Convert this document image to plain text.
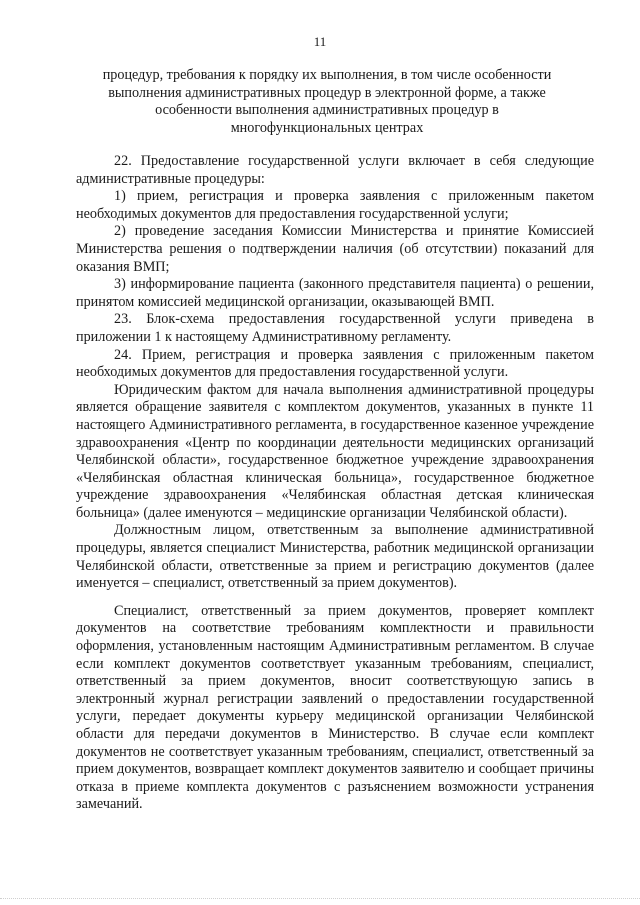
11
процедур, требования к порядку их выполнения, в том числе особенности
выполнения административных процедур в электронной форме, а также
особенности выполнения административных процедур в
многофункциональных центрах

22. Предоставление государственной услуги включает в себя следующие административные процедуры:

1) прием, регистрация и проверка заявления с приложенным пакетом необходимых документов для предоставления государственной услуги;

2) проведение заседания Комиссии Министерства и принятие Комиссией Министерства решения о подтверждении наличия (об отсутствии) показаний для оказания ВМП;

3) информирование пациента (законного представителя пациента) о решении, принятом комиссией медицинской организации, оказывающей ВМП.

23. Блок-схема предоставления государственной услуги приведена в приложении 1 к настоящему Административному регламенту.

24. Прием, регистрация и проверка заявления с приложенным пакетом необходимых документов для предоставления государственной услуги.

Юридическим фактом для начала выполнения административной процедуры является обращение заявителя с комплектом документов, указанных в пункте 11 настоящего Административного регламента, в государственное казенное учреждение здравоохранения «Центр по координации деятельности медицинских организаций Челябинской области», государственное бюджетное учреждение здравоохранения «Челябинская областная клиническая больница», государственное бюджетное учреждение здравоохранения «Челябинская областная детская клиническая больница» (далее именуются – медицинские организации Челябинской области).

Должностным лицом, ответственным за выполнение административной процедуры, является специалист Министерства, работник медицинской организации Челябинской области, ответственные за прием и регистрацию документов (далее именуется – специалист, ответственный за прием документов).

Специалист, ответственный за прием документов, проверяет комплект документов на соответствие требованиям комплектности и правильности оформления, установленным настоящим Административным регламентом. В случае если комплект документов соответствует указанным требованиям, специалист, ответственный за прием документов, вносит соответствующую запись в электронный журнал регистрации заявлений о предоставлении государственной услуги, передает документы курьеру медицинской организации Челябинской области для передачи документов в Министерство. В случае если комплект документов не соответствует указанным требованиям, специалист, ответственный за прием документов, возвращает комплект документов заявителю и сообщает причины отказа в приеме комплекта документов с разъяснением возможности устранения замечаний.
